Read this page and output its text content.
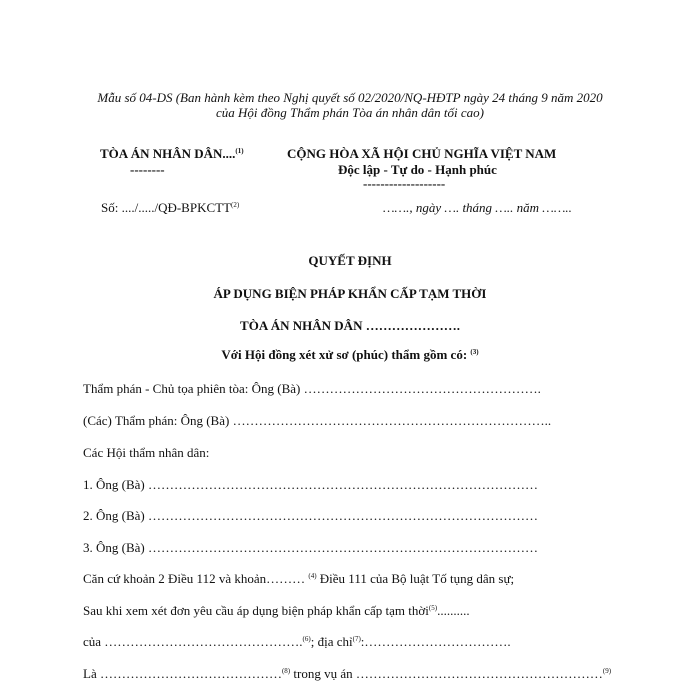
Mẫu số 04-DS (Ban hành kèm theo Nghị quyết số 02/2020/NQ-HĐTP ngày 24 tháng 9 năm 2020
của Hội đồng Thẩm phán Tòa án nhân dân tối cao)
TÒA ÁN NHÂN DÂN....$^{(1)}$
--------
CỘNG HÒA XÃ HỘI CHỦ NGHĨA VIỆT NAM
Độc lập - Tự do - Hạnh phúc
-------------------
Số: ..../...../QĐ-BPKCTT$^{(2)}$	……., ngày …. tháng ….. năm ……..
QUYẾT ĐỊNH
ÁP DỤNG BIỆN PHÁP KHẨN CẤP TẠM THỜI
TÒA ÁN NHÂN DÂN ………………….
Với Hội đồng xét xử sơ (phúc) thẩm gồm có: $^{(3)}$
Thẩm phán - Chủ tọa phiên tòa: Ông (Bà) ……………………………………………….
(Các) Thẩm phán: Ông (Bà) ………………………………………………………………..
Các Hội thẩm nhân dân:
1. Ông (Bà) ………………………………………………………………………………
2. Ông (Bà) ………………………………………………………………………………
3. Ông (Bà) ………………………………………………………………………………
Căn cứ khoản 2 Điều 112 và khoản……… $^{(4)}$ Điều 111 của Bộ luật Tố tụng dân sự;
Sau khi xem xét đơn yêu cầu áp dụng biện pháp khẩn cấp tạm thời$^{(5)}$..........
của ……………………………………….$^{(6)}$; địa chỉ$^{(7)}$:…………………………….
Là ……………………………………$^{(8)}$ trong vụ án …………………………………………………$^{(9)}$
